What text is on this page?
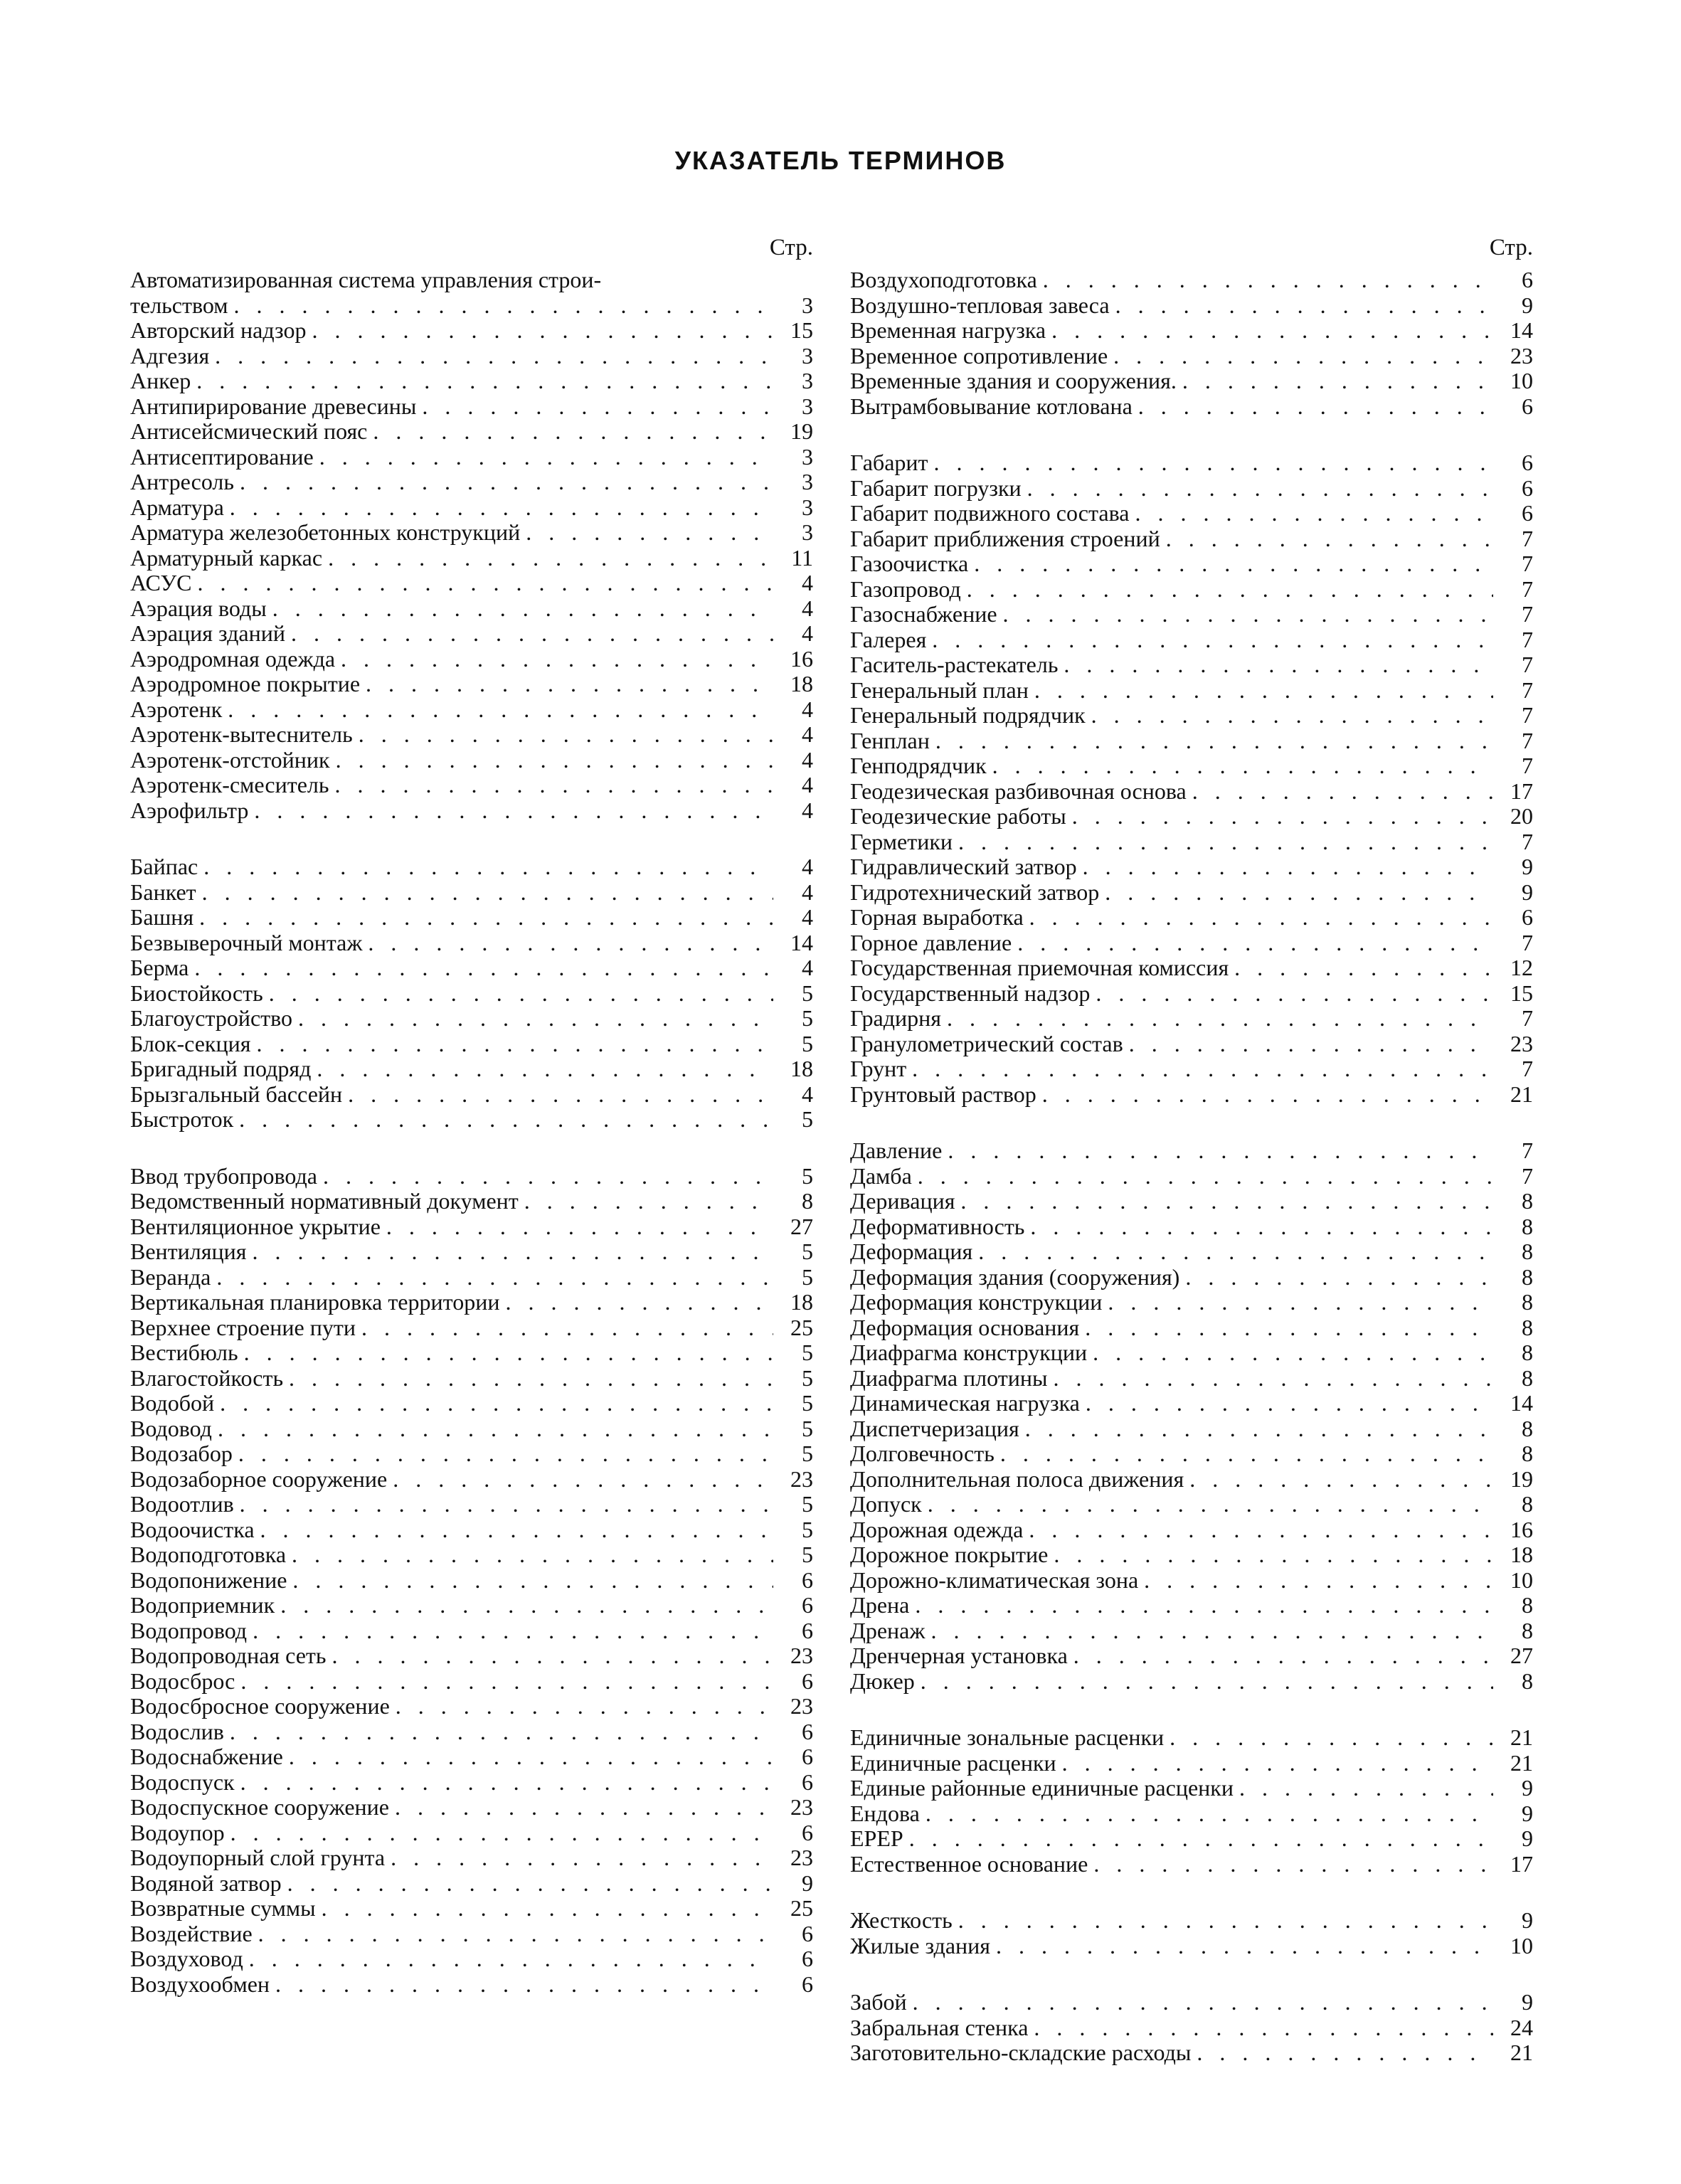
УКАЗАТЕЛЬ ТЕРМИНОВ
Стр.
Автоматизированная система управления строи-
тельством . . .	3
Авторский надзор . . .	15
Адгезия . . .	3
Анкер . . .	3
Антипирирование древесины . . .	3
Антисейсмический пояс . . .	19
Антисептирование . . .	3
Антресоль . . .	3
Арматура . . .	3
Арматура железобетонных конструкций . . .	3
Арматурный каркас . . .	11
АСУС . . .	4
Аэрация воды . . .	4
Аэрация зданий . . .	4
Аэродромная одежда . . .	16
Аэродромное покрытие . . .	18
Аэротенк . . .	4
Аэротенк-вытеснитель . . .	4
Аэротенк-отстойник . . .	4
Аэротенк-смеситель . . .	4
Аэрофильтр . . .	4
Байпас . . .	4
Банкет . . .	4
Башня . . .	4
Безвыверочный монтаж . . .	14
Берма . . .	4
Биостойкость . . .	5
Благоустройство . . .	5
Блок-секция . . .	5
Бригадный подряд . . .	18
Брызгальный бассейн . . .	4
Быстроток . . .	5
Ввод трубопровода . . .	5
Ведомственный нормативный документ . . .	8
Вентиляционное укрытие . . .	27
Вентиляция . . .	5
Веранда . . .	5
Вертикальная планировка территории . . .	18
Верхнее строение пути . . .	25
Вестибюль . . .	5
Влагостойкость . . .	5
Водобой . . .	5
Водовод . . .	5
Водозабор . . .	5
Водозаборное сооружение . . .	23
Водоотлив . . .	5
Водоочистка . . .	5
Водоподготовка . . .	5
Водопонижение . . .	6
Водоприемник . . .	6
Водопровод . . .	6
Водопроводная сеть . . .	23
Водосброс . . .	6
Водосбросное сооружение . . .	23
Водослив . . .	6
Водоснабжение . . .	6
Водоспуск . . .	6
Водоспускное сооружение . . .	23
Водоупор . . .	6
Водоупорный слой грунта . . .	23
Водяной затвор . . .	9
Возвратные суммы . . .	25
Воздействие . . .	6
Воздуховод . . .	6
Воздухообмен . . .	6
Стр.
Воздухоподготовка . . .	6
Воздушно-тепловая завеса . . .	9
Временная нагрузка . . .	14
Временное сопротивление . . .	23
Временные здания и сооружения. . . .	10
Вытрамбовывание котлована . . .	6
Габарит . . .	6
Габарит погрузки . . .	6
Габарит подвижного состава . . .	6
Габарит приближения строений . . .	7
Газоочистка . . .	7
Газопровод . . .	7
Газоснабжение . . .	7
Галерея . . .	7
Гаситель-растекатель . . .	7
Генеральный план . . .	7
Генеральный подрядчик . . .	7
Генплан . . .	7
Генподрядчик . . .	7
Геодезическая разбивочная основа . . .	17
Геодезические работы . . .	20
Герметики . . .	7
Гидравлический затвор . . .	9
Гидротехнический затвор . . .	9
Горная выработка . . .	6
Горное давление . . .	7
Государственная приемочная комиссия . . .	12
Государственный надзор . . .	15
Градирня . . .	7
Гранулометрический состав . . .	23
Грунт . . .	7
Грунтовый раствор . . .	21
Давление . . .	7
Дамба . . .	7
Деривация . . .	8
Деформативность . . .	8
Деформация . . .	8
Деформация здания (сооружения) . . .	8
Деформация конструкции . . .	8
Деформация основания . . .	8
Диафрагма конструкции . . .	8
Диафрагма плотины . . .	8
Динамическая нагрузка . . .	14
Диспетчеризация . . .	8
Долговечность . . .	8
Дополнительная полоса движения . . .	19
Допуск . . .	8
Дорожная одежда . . .	16
Дорожное покрытие . . .	18
Дорожно-климатическая зона . . .	10
Дрена . . .	8
Дренаж . . .	8
Дренчерная установка . . .	27
Дюкер . . .	8
Единичные зональные расценки . . .	21
Единичные расценки . . .	21
Единые районные единичные расценки . . .	9
Ендова . . .	9
ЕРЕР . . .	9
Естественное основание . . .	17
Жесткость . . .	9
Жилые здания . . .	10
Забой . . .	9
Забральная стенка . . .	24
Заготовительно-складские расходы . . .	21
